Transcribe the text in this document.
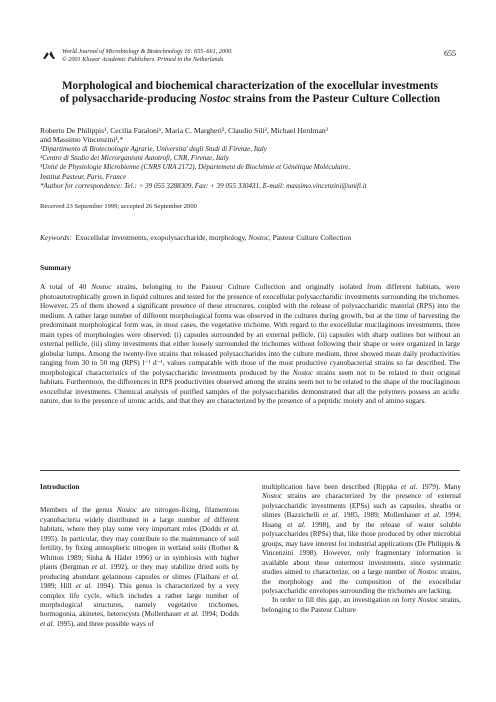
World Journal of Microbiology & Biotechnology 16: 655–661, 2000.
© 2001 Kluwer Academic Publishers. Printed in the Netherlands.
655
Morphological and biochemical characterization of the exocellular investments
of polysaccharide-producing Nostoc strains from the Pasteur Culture Collection
Roberto De Philippis¹, Cecilia Faraloni¹, Maria C. Margheri², Claudio Sili², Michael Herdman³
and Massimo Vincenzini¹,*
¹Dipartimento di Biotecnologie Agrarie, Universita' degli Studi di Firenze, Italy
²Centro di Studio dei Microrganismi Autotrofi, CNR, Firenze, Italy
³Unité de Physiologie Microbienne (CNRS URA 2172), Département de Biochimie et Génétique Moléculaire,
Institut Pasteur, Paris, France
*Author for correspondence: Tel.: + 39 055 3288309, Fax: + 39 055 330431, E-mail: massimo.vincenzini@unifi.it
Received 23 September 1999; accepted 26 September 2000
Keywords: Exocellular investments, exopolysaccharide, morphology, Nostoc, Pasteur Culture Collection
Summary

A total of 40 Nostoc strains, belonging to the Pasteur Culture Collection and originally isolated from different habitats, were photoautotrophically grown in liquid cultures and tested for the presence of exocellular polysaccharidic investments surrounding the trichomes. However, 25 of them showed a significant presence of these structures, coupled with the release of polysaccharidic material (RPS) into the medium. A rather large number of different morphological forms was observed in the cultures during growth, but at the time of harvesting the predominant morphological form was, in most cases, the vegetative trichome. With regard to the exocellular mucilaginous investments, three main types of morphologies were observed: (i) capsules surrounded by an external pellicle, (ii) capsules with sharp outlines but without an external pellicle, (iii) slimy investments that either loosely surrounded the trichomes without following their shape or were organized in large globular lumps. Among the twenty-five strains that released polysaccharides into the culture medium, three showed mean daily productivities ranging from 30 to 50 mg (RPS) l⁻¹ d⁻¹, values comparable with those of the most productive cyanobacterial strains so far described. The morphological characteristics of the polysaccharidic investments produced by the Nostoc strains seem not to be related to their original habitats. Furthermore, the differences in RPS productivities observed among the strains seem not to be related to the shape of the mucilaginous exocellular investments. Chemical analysis of purified samples of the polysaccharides demonstrated that all the polymers possess an acidic nature, due to the presence of uronic acids, and that they are characterized by the presence of a peptidic moiety and of amino sugars.

Introduction

Members of the genus Nostoc are nitrogen-fixing, filamentous cyanobacteria widely distributed in a large number of different habitats, where they play some very important roles (Dodds et al. 1995). In particular, they may contribute to the maintenance of soil fertility, by fixing atmospheric nitrogen in wetland soils (Rother & Whitton 1989; Sinha & Häder 1996) or in symbiosis with higher plants (Bergman et al. 1992), or they may stabilize dried soils by producing abundant gelatinous capsules or slimes (Flaibani et al. 1989; Hill et al. 1994). This genus is characterized by a very complex life cycle, which includes a rather large number of morphological structures, namely vegetative trichomes, hormogonia, akinetes, heterocysts (Mollenhauer et al. 1994; Dodds et al. 1995), and three possible ways of

multiplication have been described (Rippka et al. 1979). Many Nostoc strains are characterized by the presence of external polysaccharidic investments (EPSs) such as capsules, sheaths or slimes (Bazzichelli et al. 1985, 1989; Mollenhauer et al. 1994; Huang et al. 1998), and by the release of water soluble polysaccharides (RPSs) that, like those produced by other microbial groups, may have interest for industrial applications (De Philippis & Vincenzini 1998). However, only fragmentary information is available about these outermost investments, since systematic studies aimed to characterize, on a large number of Nostoc strains, the morphology and the composition of the exocellular polysaccharidic envelopes surrounding the trichomes are lacking.

In order to fill this gap, an investigation on forty Nostoc strains, belonging to the Pasteur Culture
